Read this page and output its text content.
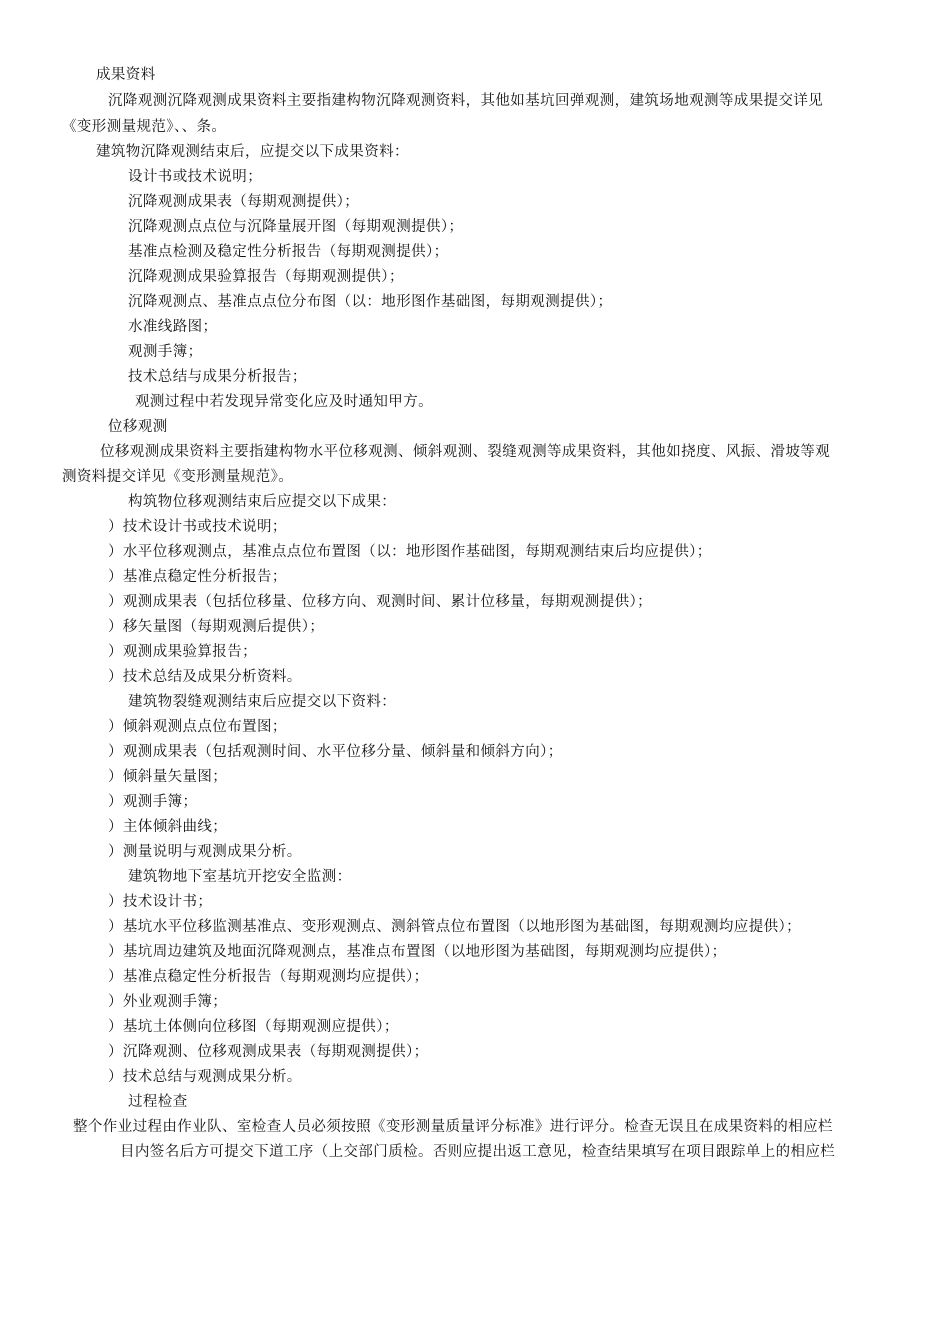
成果资料
沉降观测沉降观测成果资料主要指建构物沉降观测资料，其他如基坑回弹观测，建筑场地观测等成果提交详见
《变形测量规范》、、条。
建筑物沉降观测结束后，应提交以下成果资料：
设计书或技术说明；
沉降观测成果表（每期观测提供）；
沉降观测点点位与沉降量展开图（每期观测提供）；
基准点检测及稳定性分析报告（每期观测提供）；
沉降观测成果验算报告（每期观测提供）；
沉降观测点、基准点点位分布图（以：地形图作基础图，每期观测提供）；
水准线路图；
观测手簿；
技术总结与成果分析报告；
观测过程中若发现异常变化应及时通知甲方。
位移观测
位移观测成果资料主要指建构物水平位移观测、倾斜观测、裂缝观测等成果资料，其他如挠度、风振、滑坡等观
测资料提交详见《变形测量规范》。
构筑物位移观测结束后应提交以下成果：
）技术设计书或技术说明；
）水平位移观测点，基准点点位布置图（以：地形图作基础图，每期观测结束后均应提供）；
）基准点稳定性分析报告；
）观测成果表（包括位移量、位移方向、观测时间、累计位移量，每期观测提供）；
）移矢量图（每期观测后提供）；
）观测成果验算报告；
）技术总结及成果分析资料。
建筑物裂缝观测结束后应提交以下资料：
）倾斜观测点点位布置图；
）观测成果表（包括观测时间、水平位移分量、倾斜量和倾斜方向）；
）倾斜量矢量图；
）观测手簿；
）主体倾斜曲线；
）测量说明与观测成果分析。
建筑物地下室基坑开挖安全监测：
）技术设计书；
）基坑水平位移监测基准点、变形观测点、测斜管点位布置图（以地形图为基础图，每期观测均应提供）；
）基坑周边建筑及地面沉降观测点，基准点布置图（以地形图为基础图，每期观测均应提供）；
）基准点稳定性分析报告（每期观测均应提供）；
）外业观测手簿；
）基坑土体侧向位移图（每期观测应提供）；
）沉降观测、位移观测成果表（每期观测提供）；
）技术总结与观测成果分析。
过程检查
整个作业过程由作业队、室检查人员必须按照《变形测量质量评分标准》进行评分。检查无误且在成果资料的相应栏
目内签名后方可提交下道工序（上交部门质检。否则应提出返工意见，检查结果填写在项目跟踪单上的相应栏
